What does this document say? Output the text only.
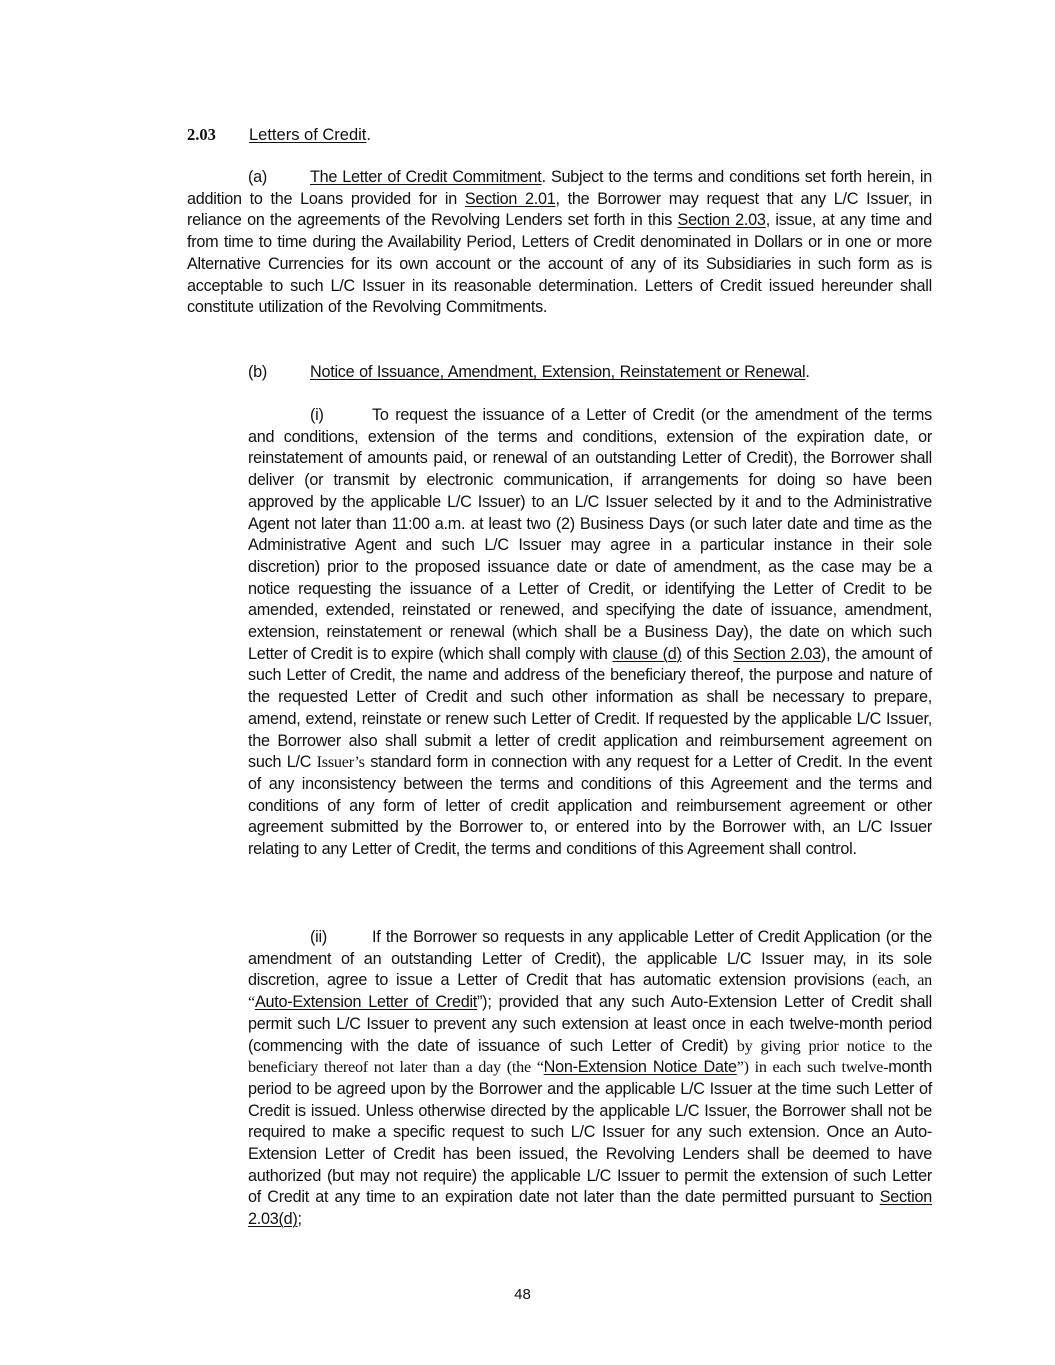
2.03 Letters of Credit.
(a)	The Letter of Credit Commitment. Subject to the terms and conditions set forth herein, in addition to the Loans provided for in Section 2.01, the Borrower may request that any L/C Issuer, in reliance on the agreements of the Revolving Lenders set forth in this Section 2.03, issue, at any time and from time to time during the Availability Period, Letters of Credit denominated in Dollars or in one or more Alternative Currencies for its own account or the account of any of its Subsidiaries in such form as is acceptable to such L/C Issuer in its reasonable determination. Letters of Credit issued hereunder shall constitute utilization of the Revolving Commitments.
(b)	Notice of Issuance, Amendment, Extension, Reinstatement or Renewal.
(i)	To request the issuance of a Letter of Credit (or the amendment of the terms and conditions, extension of the terms and conditions, extension of the expiration date, or reinstatement of amounts paid, or renewal of an outstanding Letter of Credit), the Borrower shall deliver (or transmit by electronic communication, if arrangements for doing so have been approved by the applicable L/C Issuer) to an L/C Issuer selected by it and to the Administrative Agent not later than 11:00 a.m. at least two (2) Business Days (or such later date and time as the Administrative Agent and such L/C Issuer may agree in a particular instance in their sole discretion) prior to the proposed issuance date or date of amendment, as the case may be a notice requesting the issuance of a Letter of Credit, or identifying the Letter of Credit to be amended, extended, reinstated or renewed, and specifying the date of issuance, amendment, extension, reinstatement or renewal (which shall be a Business Day), the date on which such Letter of Credit is to expire (which shall comply with clause (d) of this Section 2.03), the amount of such Letter of Credit, the name and address of the beneficiary thereof, the purpose and nature of the requested Letter of Credit and such other information as shall be necessary to prepare, amend, extend, reinstate or renew such Letter of Credit. If requested by the applicable L/C Issuer, the Borrower also shall submit a letter of credit application and reimbursement agreement on such L/C Issuer’s standard form in connection with any request for a Letter of Credit. In the event of any inconsistency between the terms and conditions of this Agreement and the terms and conditions of any form of letter of credit application and reimbursement agreement or other agreement submitted by the Borrower to, or entered into by the Borrower with, an L/C Issuer relating to any Letter of Credit, the terms and conditions of this Agreement shall control.
(ii)	If the Borrower so requests in any applicable Letter of Credit Application (or the amendment of an outstanding Letter of Credit), the applicable L/C Issuer may, in its sole discretion, agree to issue a Letter of Credit that has automatic extension provisions (each, an “Auto-Extension Letter of Credit”); provided that any such Auto-Extension Letter of Credit shall permit such L/C Issuer to prevent any such extension at least once in each twelve-month period (commencing with the date of issuance of such Letter of Credit) by giving prior notice to the beneficiary thereof not later than a day (the “Non-Extension Notice Date”) in each such twelve-month period to be agreed upon by the Borrower and the applicable L/C Issuer at the time such Letter of Credit is issued. Unless otherwise directed by the applicable L/C Issuer, the Borrower shall not be required to make a specific request to such L/C Issuer for any such extension. Once an Auto-Extension Letter of Credit has been issued, the Revolving Lenders shall be deemed to have authorized (but may not require) the applicable L/C Issuer to permit the extension of such Letter of Credit at any time to an expiration date not later than the date permitted pursuant to Section 2.03(d);
48
